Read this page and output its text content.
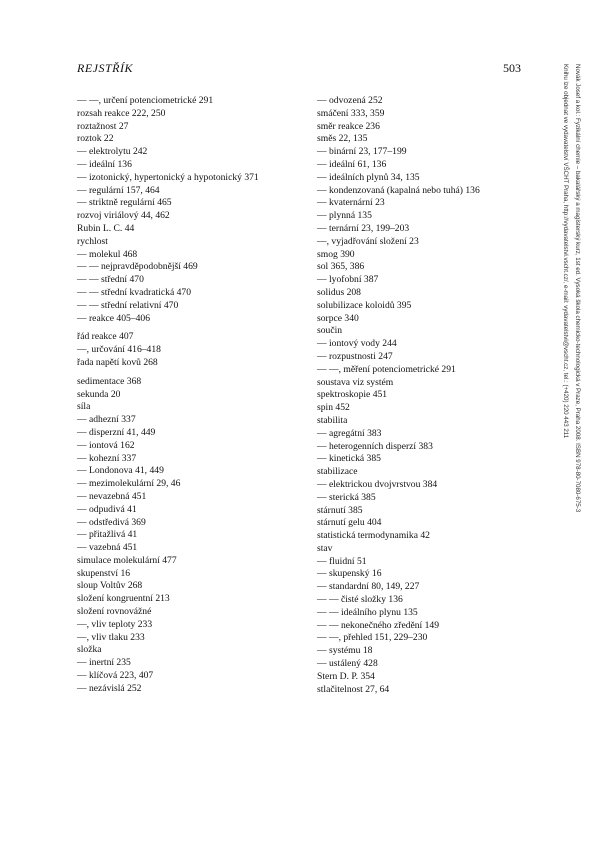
REJSTŘÍK	503
— —, určení potenciometrické 291
rozsah reakce 222, 250
roztažnost 27
roztok 22
— elektrolytu 242
— ideální 136
— izotonický, hypertonický a hypotonický 371
— regulární 157, 464
— striktně regulární 465
rozvoj viriálový 44, 462
Rubin L. C. 44
rychlost
— molekul 468
— — nejpravděpodobnější 469
— — střední 470
— — střední kvadratická 470
— — střední relativní 470
— reakce 405–406
řád reakce 407
—, určování 416–418
řada napětí kovů 268
sedimentace 368
sekunda 20
síla
— adhezní 337
— disperzní 41, 449
— iontová 162
— kohezní 337
— Londonova 41, 449
— mezimolekulární 29, 46
— nevazebná 451
— odpudivá 41
— odstředivá 369
— přitažlivá 41
— vazebná 451
simulace molekulární 477
skupenství 16
sloup Voltův 268
složení kongruentní 213
složení rovnovážné
—, vliv teploty 233
—, vliv tlaku 233
složka
— inertní 235
— klíčová 223, 407
— nezávislá 252
— odvozená 252
smáčení 333, 359
směr reakce 236
směs 22, 135
— binární 23, 177–199
— ideální 61, 136
— ideálních plynů 34, 135
— kondenzovaná (kapalná nebo tuhá) 136
— kvaternární 23
— plynná 135
— ternární 23, 199–203
—, vyjadřování složení 23
smog 390
sol 365, 386
— lyofobní 387
solidus 208
solubilizace koloidů 395
sorpce 340
součin
— iontový vody 244
— rozpustnosti 247
— —, měření potenciometrické 291
soustava viz systém
spektroskopie 451
spin 452
stabilita
— agregátní 383
— heterogenních disperzí 383
— kinetická 385
stabilizace
— elektrickou dvojvrstvou 384
— sterická 385
stárnutí 385
stárnutí gelu 404
statistická termodynamika 42
stav
— fluidní 51
— skupenský 16
— standardní 80, 149, 227
— — čisté složky 136
— — ideálního plynu 135
— — nekonečného zředění 149
— —, přehled 151, 229–230
— systému 18
— ustálený 428
Stern D. P. 354
stlačitelnost 27, 64
Novák Josef a kol.: Fyzikální chemie – bakalářský a magisterský kurz, 1st ed. Vysoká škola chemicko-technologická v Praze, Praha 2008. ISBN 978-80-7080-675-3
Knihu lze objednat ve vydavatelství VŠCHT Praha, http://vydavatelstvi.vscht.cz/, e-mail: vydavatelstvi@vscht.cz, tel.: (+420) 220 443 211
